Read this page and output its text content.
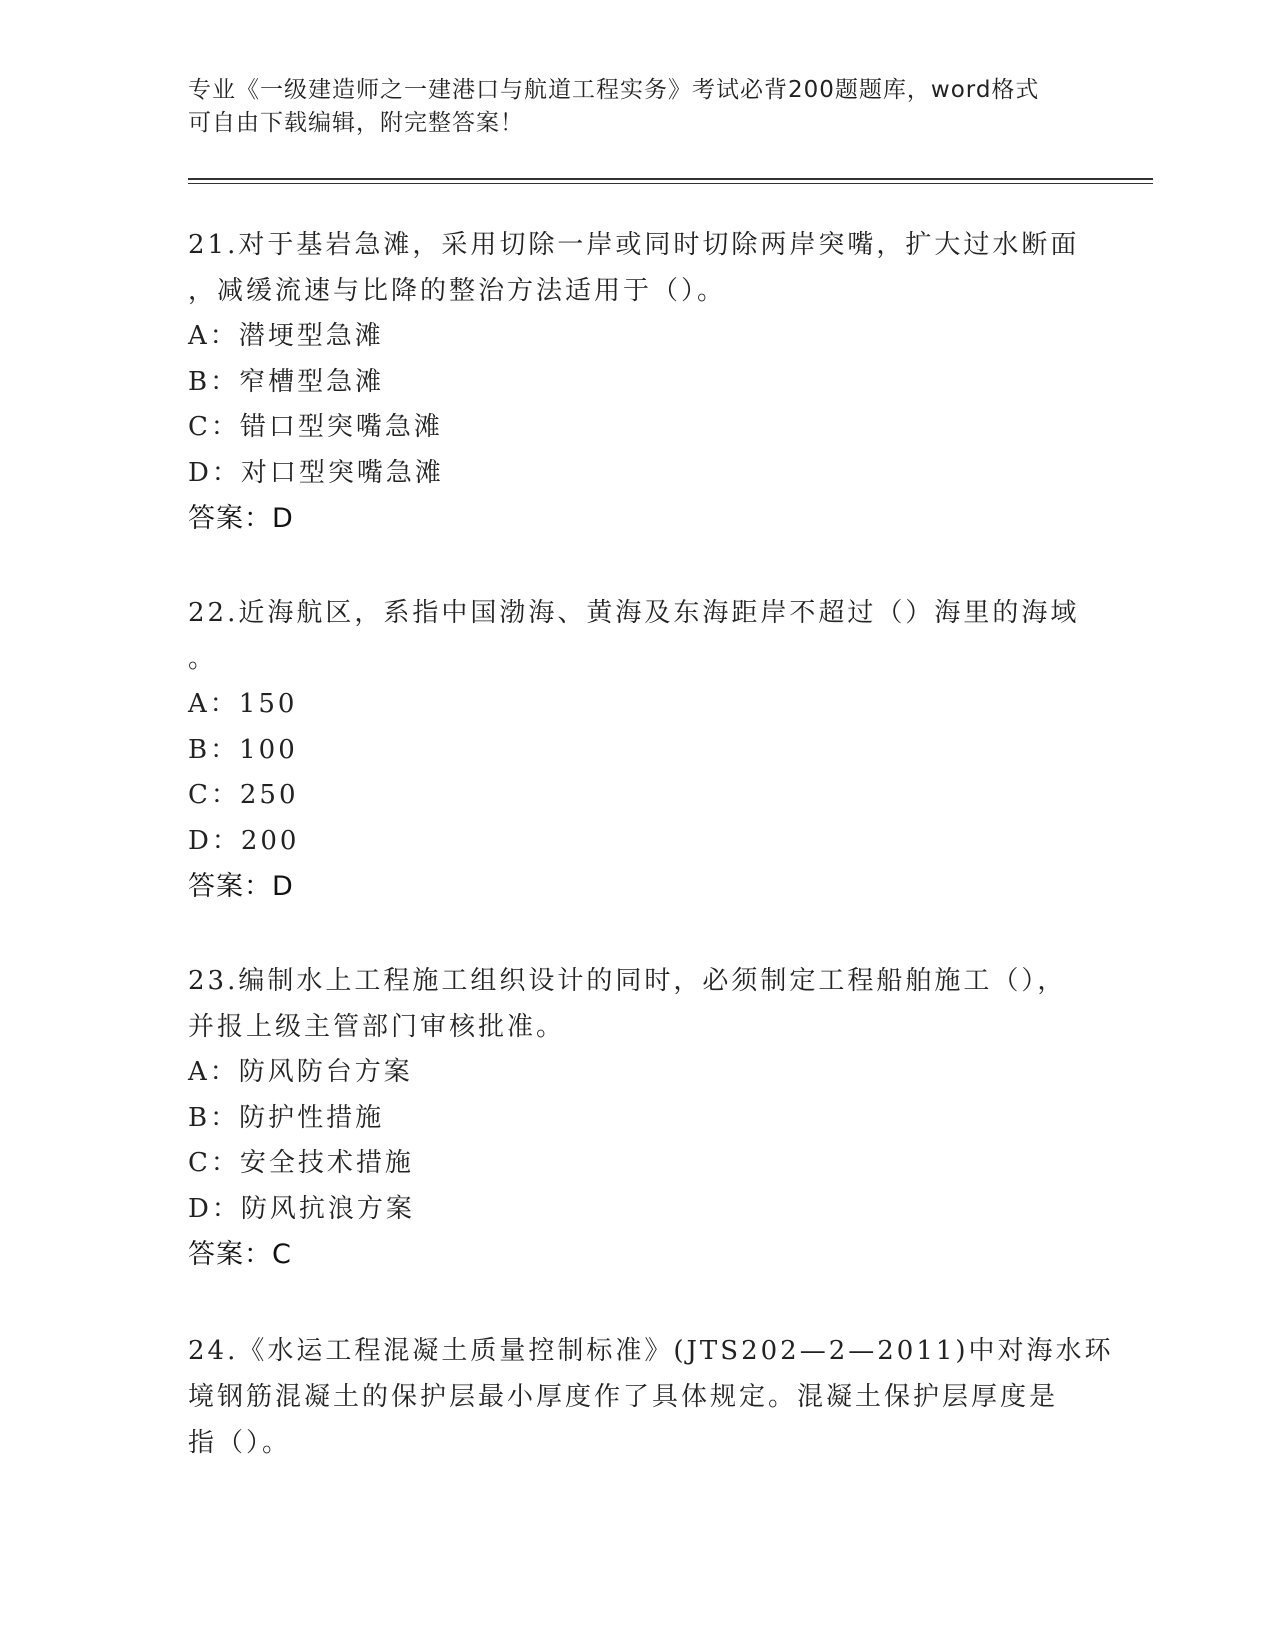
专业《一级建造师之一建港口与航道工程实务》考试必背200题题库，word格式
可自由下载编辑，附完整答案！
21.对于基岩急滩，采用切除一岸或同时切除两岸突嘴，扩大过水断面
，减缓流速与比降的整治方法适用于（）。
A：潜埂型急滩
B：窄槽型急滩
C：错口型突嘴急滩
D：对口型突嘴急滩
答案：D
22.近海航区，系指中国渤海、黄海及东海距岸不超过（）海里的海域
。
A：150
B：100
C：250
D：200
答案：D
23.编制水上工程施工组织设计的同时，必须制定工程船舶施工（），
并报上级主管部门审核批准。
A：防风防台方案
B：防护性措施
C：安全技术措施
D：防风抗浪方案
答案：C
24.《水运工程混凝土质量控制标准》(JTS202—2—2011)中对海水环
境钢筋混凝土的保护层最小厚度作了具体规定。混凝土保护层厚度是
指（）。
